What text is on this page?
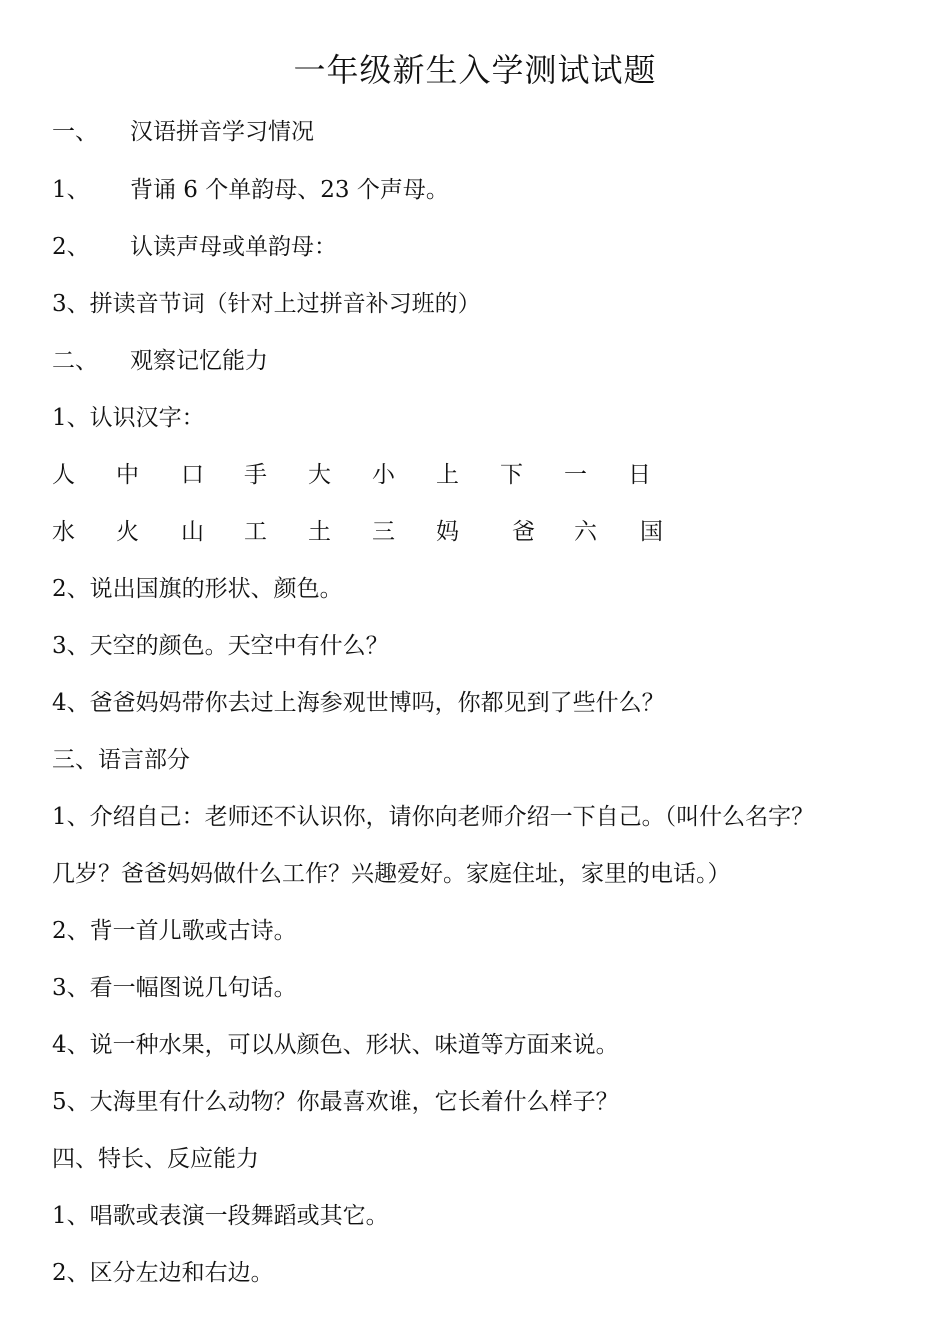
一年级新生入学测试试题
一、 汉语拼音学习情况
1、 背诵 6 个单韵母、23 个声母。
2、 认读声母或单韵母：
3、拼读音节词（针对上过拼音补习班的）
二、 观察记忆能力
1、认识汉字：
人 中 口 手 大 小 上 下 一 日
水 火 山 工 土 三 妈 爸 六 国
2、说出国旗的形状、颜色。
3、天空的颜色。天空中有什么？
4、爸爸妈妈带你去过上海参观世博吗，你都见到了些什么？
三、语言部分
1、介绍自己：老师还不认识你，请你向老师介绍一下自己。（叫什么名字？
几岁？爸爸妈妈做什么工作？兴趣爱好。家庭住址，家里的电话。）
2、背一首儿歌或古诗。
3、看一幅图说几句话。
4、说一种水果，可以从颜色、形状、味道等方面来说。
5、大海里有什么动物？你最喜欢谁，它长着什么样子？
四、特长、反应能力
1、唱歌或表演一段舞蹈或其它。
2、区分左边和右边。
